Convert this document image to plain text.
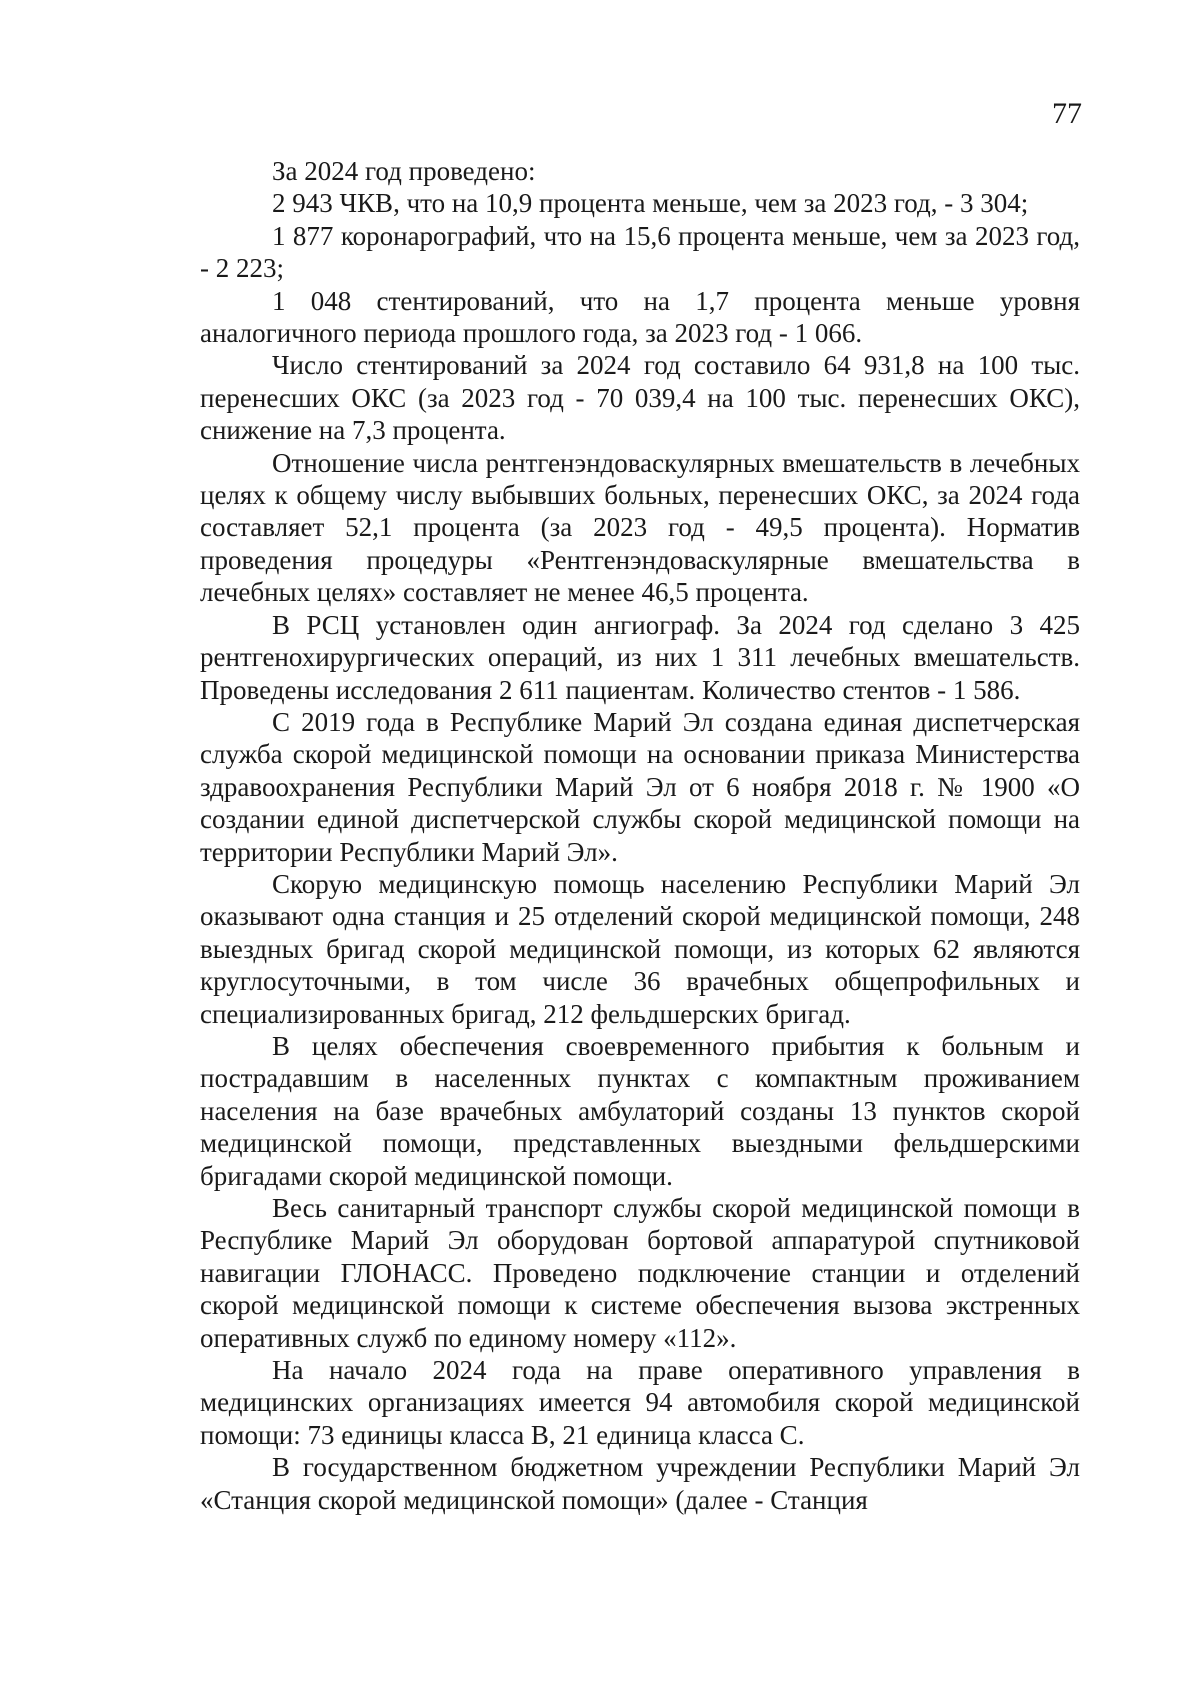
77

За 2024 год проведено:

2 943 ЧКВ, что на 10,9 процента меньше, чем за 2023 год, - 3 304;

1 877 коронарографий, что на 15,6 процента меньше, чем за 2023 год, - 2 223;

1 048 стентирований, что на 1,7 процента меньше уровня аналогичного периода прошлого года, за 2023 год - 1 066.

Число стентирований за 2024 год составило 64 931,8 на 100 тыс. перенесших ОКС (за 2023 год - 70 039,4 на 100 тыс. перенесших ОКС), снижение на 7,3 процента.

Отношение числа рентгенэндоваскулярных вмешательств в лечебных целях к общему числу выбывших больных, перенесших ОКС, за 2024 года составляет 52,1 процента (за 2023 год - 49,5 процента). Норматив проведения процедуры «Рентгенэндоваскулярные вмешательства в лечебных целях» составляет не менее 46,5 процента.

В РСЦ установлен один ангиограф. За 2024 год сделано 3 425 рентгенохирургических операций, из них 1 311 лечебных вмешательств. Проведены исследования 2 611 пациентам. Количество стентов - 1 586.

С 2019 года в Республике Марий Эл создана единая диспетчерская служба скорой медицинской помощи на основании приказа Министерства здравоохранения Республики Марий Эл от 6 ноября 2018 г. № 1900 «О создании единой диспетчерской службы скорой медицинской помощи на территории Республики Марий Эл».

Скорую медицинскую помощь населению Республики Марий Эл оказывают одна станция и 25 отделений скорой медицинской помощи, 248 выездных бригад скорой медицинской помощи, из которых 62 являются круглосуточными, в том числе 36 врачебных общепрофильных и специализированных бригад, 212 фельдшерских бригад.

В целях обеспечения своевременного прибытия к больным и пострадавшим в населенных пунктах с компактным проживанием населения на базе врачебных амбулаторий созданы 13 пунктов скорой медицинской помощи, представленных выездными фельдшерскими бригадами скорой медицинской помощи.

Весь санитарный транспорт службы скорой медицинской помощи в Республике Марий Эл оборудован бортовой аппаратурой спутниковой навигации ГЛОНАСС. Проведено подключение станции и отделений скорой медицинской помощи к системе обеспечения вызова экстренных оперативных служб по единому номеру «112».

На начало 2024 года на праве оперативного управления в медицинских организациях имеется 94 автомобиля скорой медицинской помощи: 73 единицы класса В, 21 единица класса С.

В государственном бюджетном учреждении Республики Марий Эл «Станция скорой медицинской помощи» (далее - Станция
